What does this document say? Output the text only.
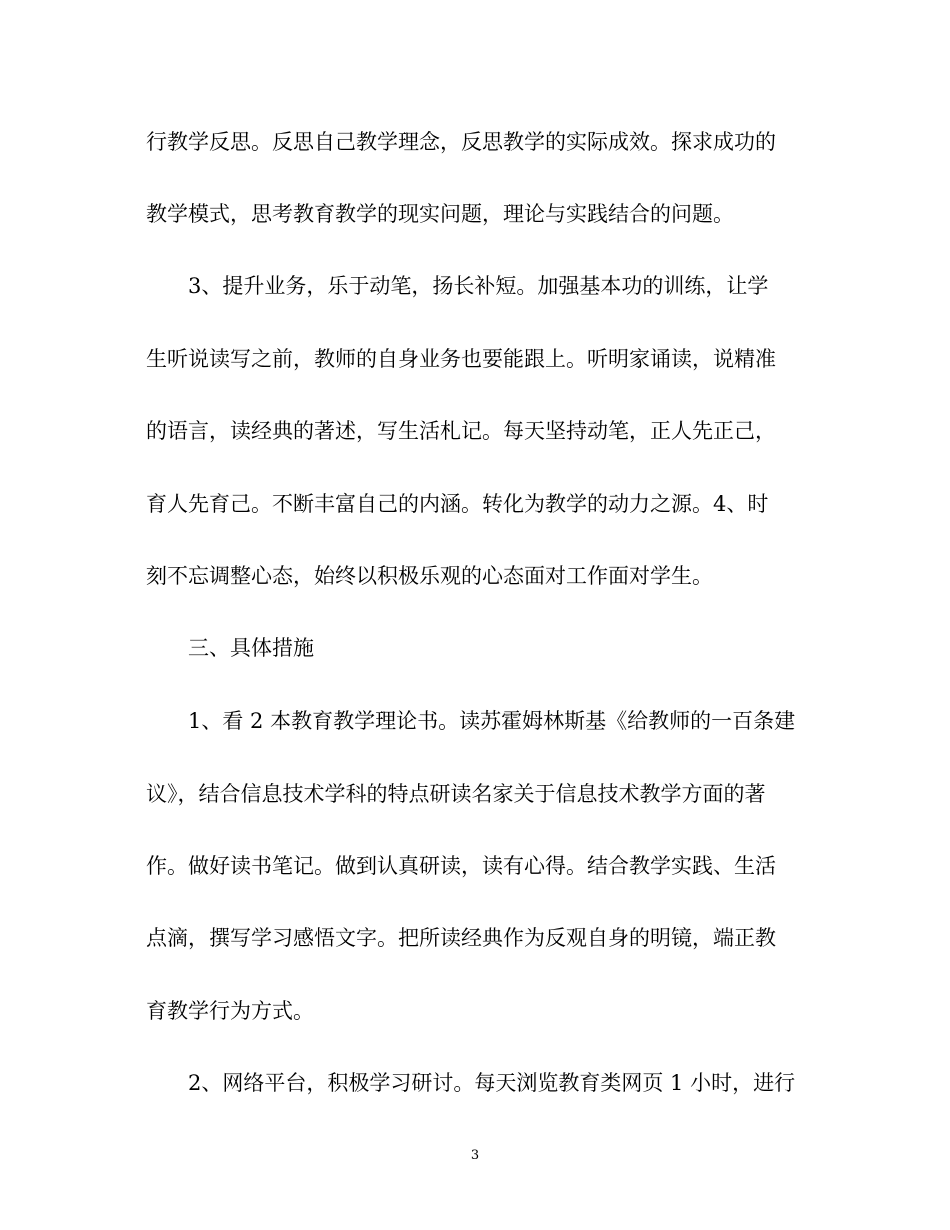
行教学反思。反思自己教学理念，反思教学的实际成效。探求成功的
教学模式，思考教育教学的现实问题，理论与实践结合的问题。
3、提升业务，乐于动笔，扬长补短。加强基本功的训练，让学
生听说读写之前，教师的自身业务也要能跟上。听明家诵读，说精准
的语言，读经典的著述，写生活札记。每天坚持动笔，正人先正己，
育人先育己。不断丰富自己的内涵。转化为教学的动力之源。4、时
刻不忘调整心态，始终以积极乐观的心态面对工作面对学生。
三、具体措施
1、看 2 本教育教学理论书。读苏霍姆林斯基《给教师的一百条建
议》，结合信息技术学科的特点研读名家关于信息技术教学方面的著
作。做好读书笔记。做到认真研读，读有心得。结合教学实践、生活
点滴，撰写学习感悟文字。把所读经典作为反观自身的明镜，端正教
育教学行为方式。
2、网络平台，积极学习研讨。每天浏览教育类网页 1 小时，进行
3
